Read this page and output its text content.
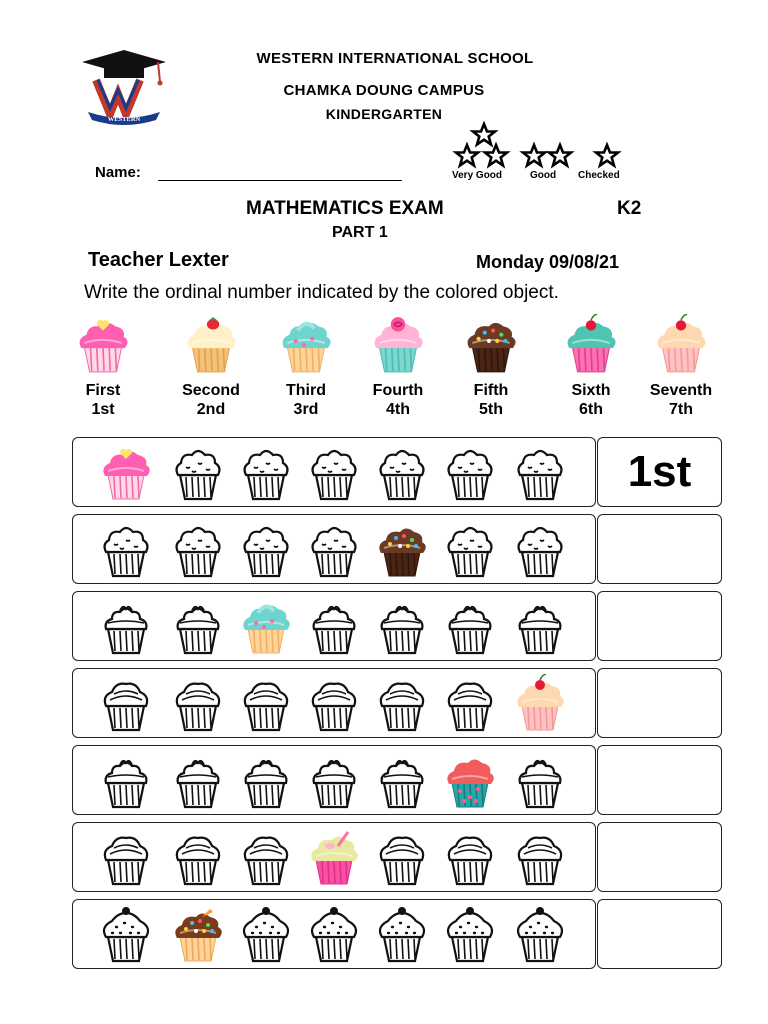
WESTERN
WESTERN INTERNATIONAL SCHOOL
CHAMKA DOUNG CAMPUS
KINDERGARTEN
Name:	Very Good	Good Checked
MATHEMATICS EXAM	K2
PART 1
Teacher Lexter	Monday 09/08/21
Write the ordinal number indicated by the colored object.
First
1st
Second
2nd
Third
3rd
Fourth
4th
Fifth
5th
Sixth
6th
Seventh
7th
1st
